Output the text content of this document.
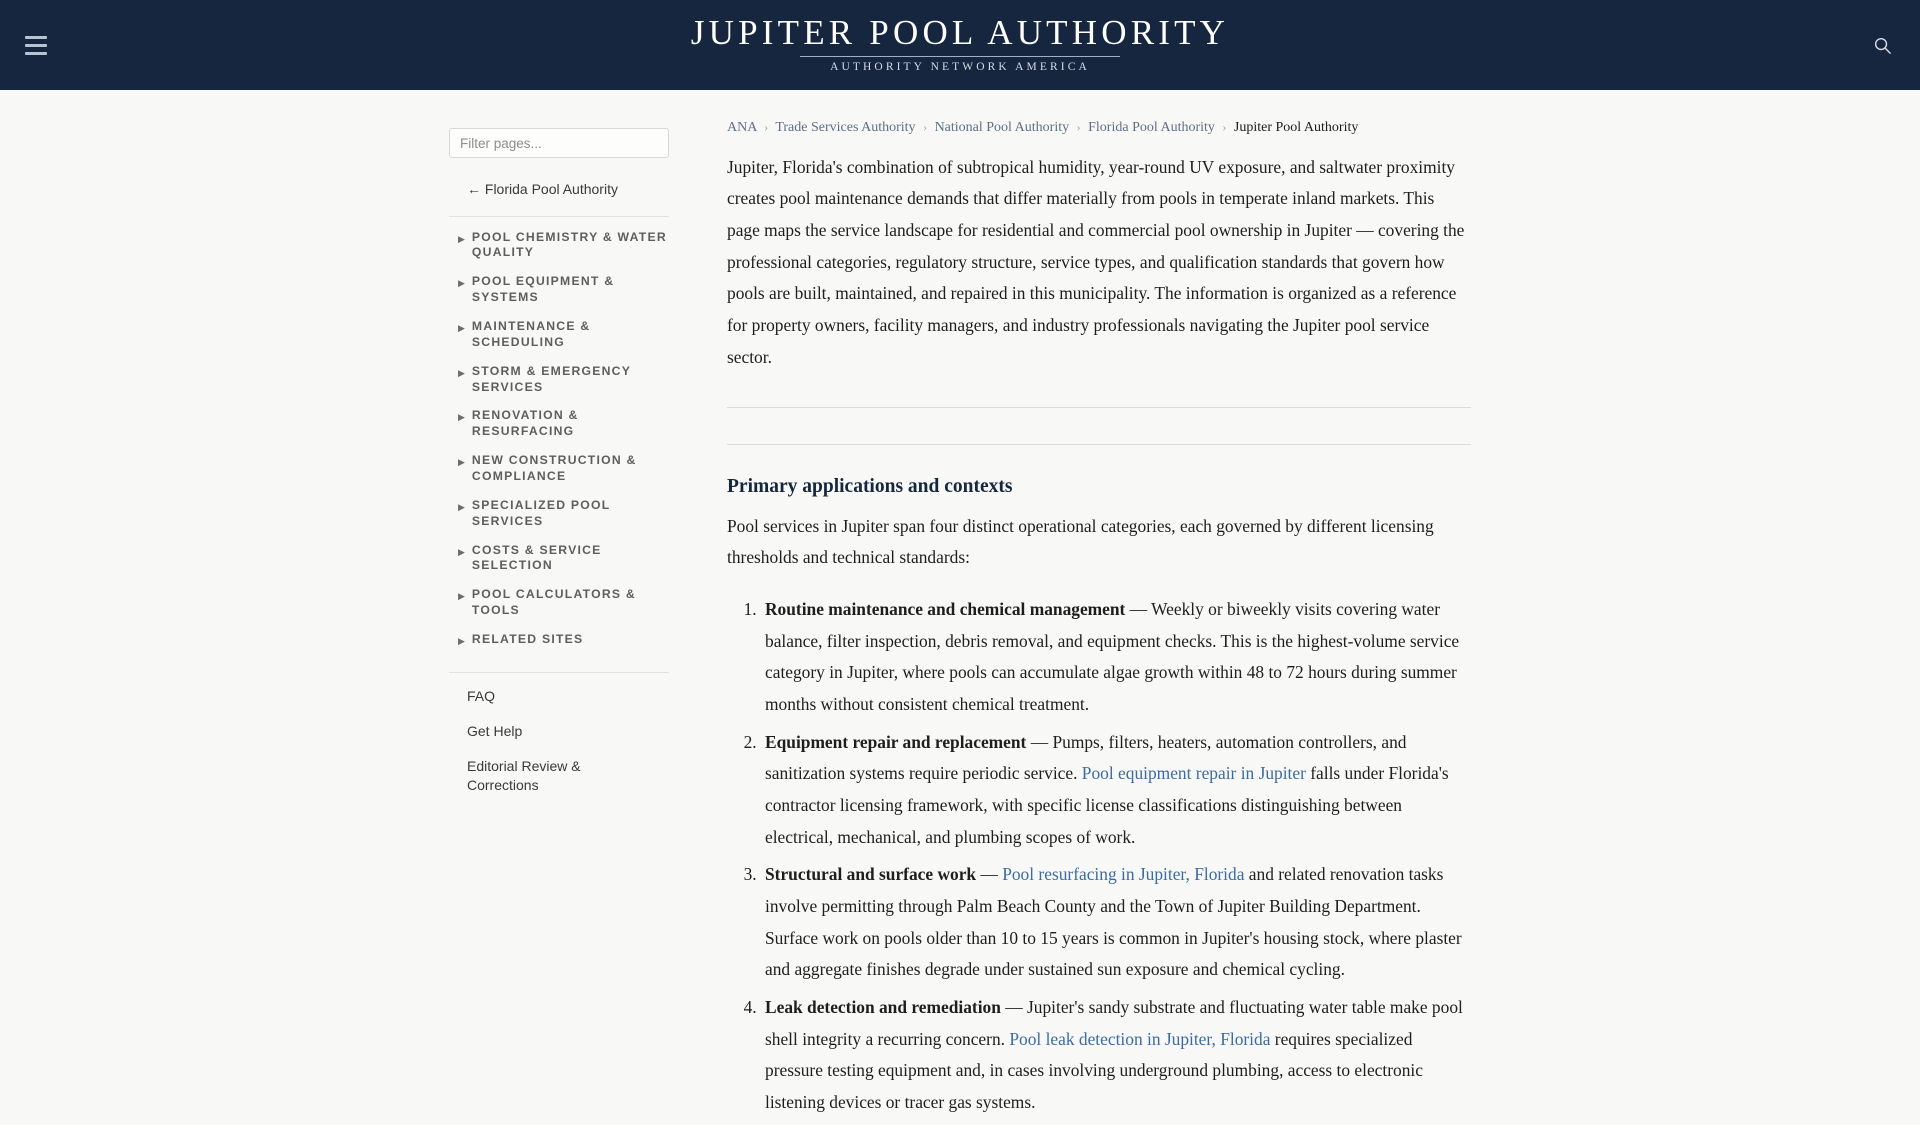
JUPITER POOL AUTHORITY
AUTHORITY NETWORK AMERICA
Filter pages...
← Florida Pool Authority
▶ POOL CHEMISTRY & WATER QUALITY
▶ POOL EQUIPMENT & SYSTEMS
▶ MAINTENANCE & SCHEDULING
▶ STORM & EMERGENCY SERVICES
▶ RENOVATION & RESURFACING
▶ NEW CONSTRUCTION & COMPLIANCE
▶ SPECIALIZED POOL SERVICES
▶ COSTS & SERVICE SELECTION
▶ POOL CALCULATORS & TOOLS
▶ RELATED SITES
FAQ
Get Help
Editorial Review & Corrections
ANA › Trade Services Authority › National Pool Authority › Florida Pool Authority › Jupiter Pool Authority

Jupiter, Florida's combination of subtropical humidity, year-round UV exposure, and saltwater proximity creates pool maintenance demands that differ materially from pools in temperate inland markets. This page maps the service landscape for residential and commercial pool ownership in Jupiter — covering the professional categories, regulatory structure, service types, and qualification standards that govern how pools are built, maintained, and repaired in this municipality. The information is organized as a reference for property owners, facility managers, and industry professionals navigating the Jupiter pool service sector.

Primary applications and contexts

Pool services in Jupiter span four distinct operational categories, each governed by different licensing thresholds and technical standards:

1. Routine maintenance and chemical management — Weekly or biweekly visits covering water balance, filter inspection, debris removal, and equipment checks. This is the highest-volume service category in Jupiter, where pools can accumulate algae growth within 48 to 72 hours during summer months without consistent chemical treatment.
2. Equipment repair and replacement — Pumps, filters, heaters, automation controllers, and sanitization systems require periodic service. Pool equipment repair in Jupiter falls under Florida's contractor licensing framework, with specific license classifications distinguishing between electrical, mechanical, and plumbing scopes of work.
3. Structural and surface work — Pool resurfacing in Jupiter, Florida and related renovation tasks involve permitting through Palm Beach County and the Town of Jupiter Building Department. Surface work on pools older than 10 to 15 years is common in Jupiter's housing stock, where plaster and aggregate finishes degrade under sustained sun exposure and chemical cycling.
4. Leak detection and remediation — Jupiter's sandy substrate and fluctuating water table make pool shell integrity a recurring concern. Pool leak detection in Jupiter, Florida requires specialized pressure testing equipment and, in cases involving underground plumbing, access to electronic listening devices or tracer gas systems.
